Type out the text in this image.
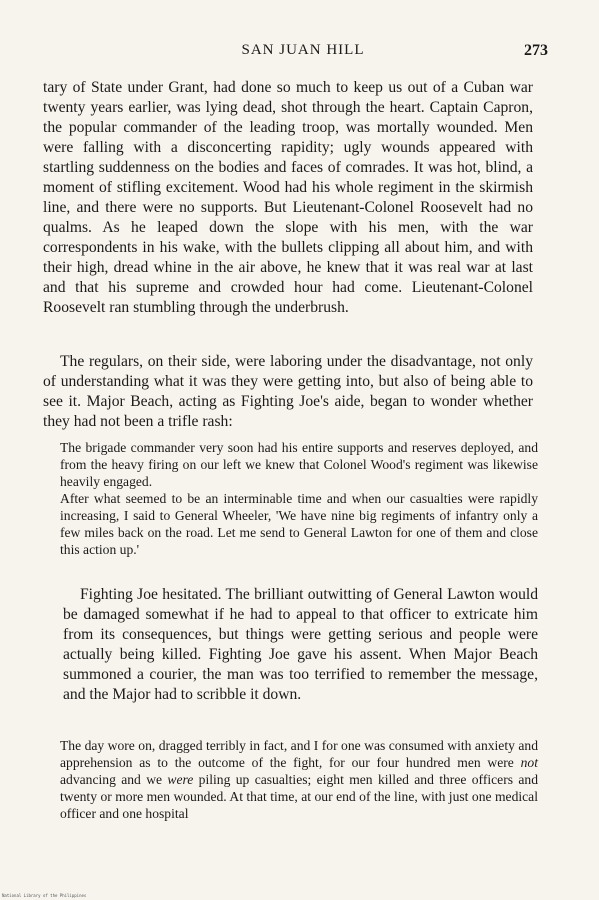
SAN JUAN HILL	273

tary of State under Grant, had done so much to keep us out of a Cuban war twenty years earlier, was lying dead, shot through the heart. Captain Capron, the popular commander of the leading troop, was mortally wounded. Men were falling with a disconcerting rapidity; ugly wounds appeared with startling suddenness on the bodies and faces of comrades. It was hot, blind, a moment of stifling excitement. Wood had his whole regiment in the skirmish line, and there were no supports. But Lieutenant-Colonel Roosevelt had no qualms. As he leaped down the slope with his men, with the war correspondents in his wake, with the bullets clipping all about him, and with their high, dread whine in the air above, he knew that it was real war at last and that his supreme and crowded hour had come. Lieutenant-Colonel Roosevelt ran stumbling through the underbrush.

The regulars, on their side, were laboring under the disadvantage, not only of understanding what it was they were getting into, but also of being able to see it. Major Beach, acting as Fighting Joe's aide, began to wonder whether they had not been a trifle rash:

The brigade commander very soon had his entire supports and reserves deployed, and from the heavy firing on our left we knew that Colonel Wood's regiment was likewise heavily engaged.

After what seemed to be an interminable time and when our casualties were rapidly increasing, I said to General Wheeler, 'We have nine big regiments of infantry only a few miles back on the road. Let me send to General Lawton for one of them and close this action up.'

Fighting Joe hesitated. The brilliant outwitting of General Lawton would be damaged somewhat if he had to appeal to that officer to extricate him from its consequences, but things were getting serious and people were actually being killed. Fighting Joe gave his assent. When Major Beach summoned a courier, the man was too terrified to remember the message, and the Major had to scribble it down.

The day wore on, dragged terribly in fact, and I for one was consumed with anxiety and apprehension as to the outcome of the fight, for our four hundred men were not advancing and we were piling up casualties; eight men killed and three officers and twenty or more men wounded. At that time, at our end of the line, with just one medical officer and one hospital

National Library of the Philippines
